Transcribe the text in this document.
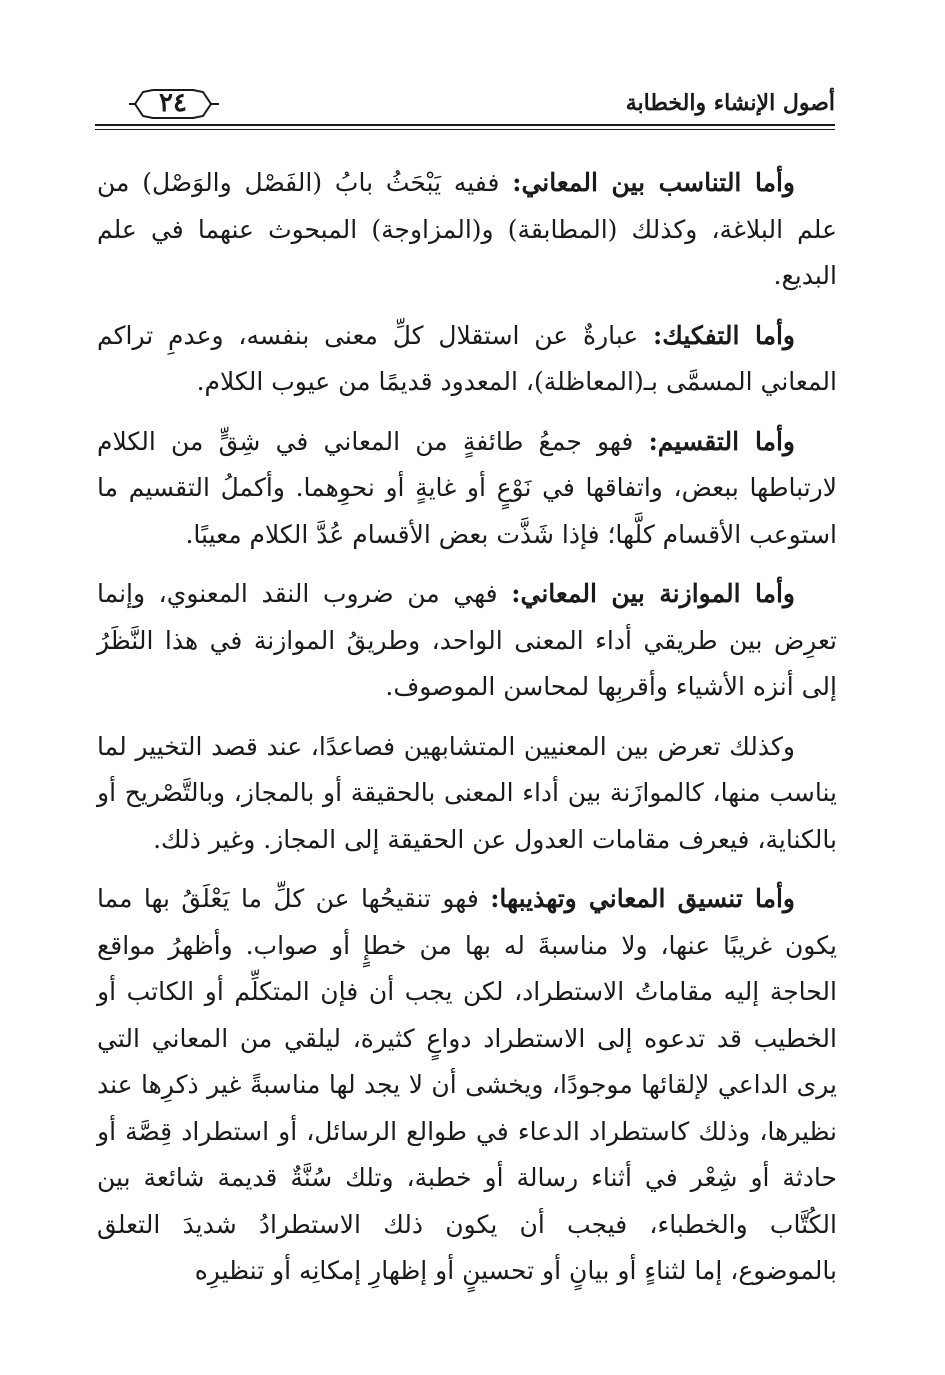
أصول الإنشاء والخطابة
٢٤

وأما التناسب بين المعاني: ففيه يَبْحَثُ بابُ (الفَصْل والوَصْل) من علم البلاغة، وكذلك (المطابقة) و(المزاوجة) المبحوث عنهما في علم البديع.

وأما التفكيك: عبارةٌ عن استقلال كلِّ معنى بنفسه، وعدمِ تراكم المعاني المسمَّى بـ(المعاظلة)، المعدود قديمًا من عيوب الكلام.

وأما التقسيم: فهو جمعُ طائفةٍ من المعاني في شِقٍّ من الكلام لارتباطها ببعض، واتفاقها في نَوْعٍ أو غايةٍ أو نحوِهما. وأكملُ التقسيم ما استوعب الأقسام كلَّها؛ فإذا شَذَّت بعض الأقسام عُدَّ الكلام معيبًا.

وأما الموازنة بين المعاني: فهي من ضروب النقد المعنوي، وإنما تعرِض بين طريقي أداء المعنى الواحد، وطريقُ الموازنة في هذا النَّظَرُ إلى أنزه الأشياء وأقربِها لمحاسن الموصوف.

وكذلك تعرض بين المعنيين المتشابهين فصاعدًا، عند قصد التخيير لما يناسب منها، كالموازَنة بين أداء المعنى بالحقيقة أو بالمجاز، وبالتَّصْريح أو بالكناية، فيعرف مقامات العدول عن الحقيقة إلى المجاز. وغير ذلك.

وأما تنسيق المعاني وتهذيبها: فهو تنقيحُها عن كلِّ ما يَعْلَقُ بها مما يكون غريبًا عنها، ولا مناسبةَ له بها من خطإٍ أو صواب. وأظهرُ مواقع الحاجة إليه مقاماتُ الاستطراد، لكن يجب أن فإن المتكلِّم أو الكاتب أو الخطيب قد تدعوه إلى الاستطراد دواعٍ كثيرة، ليلقي من المعاني التي يرى الداعي لإلقائها موجودًا، ويخشى أن لا يجد لها مناسبةً غير ذكرِها عند نظيرها، وذلك كاستطراد الدعاء في طوالع الرسائل، أو استطراد قِصَّة أو حادثة أو شِعْر في أثناء رسالة أو خطبة، وتلك سُنَّةٌ قديمة شائعة بين الكُتَّاب والخطباء، فيجب أن يكون ذلك الاستطرادُ شديدَ التعلق بالموضوع، إما لثناءٍ أو بيانٍ أو تحسينٍ أو إظهارِ إمكانِه أو تنظيرِه
